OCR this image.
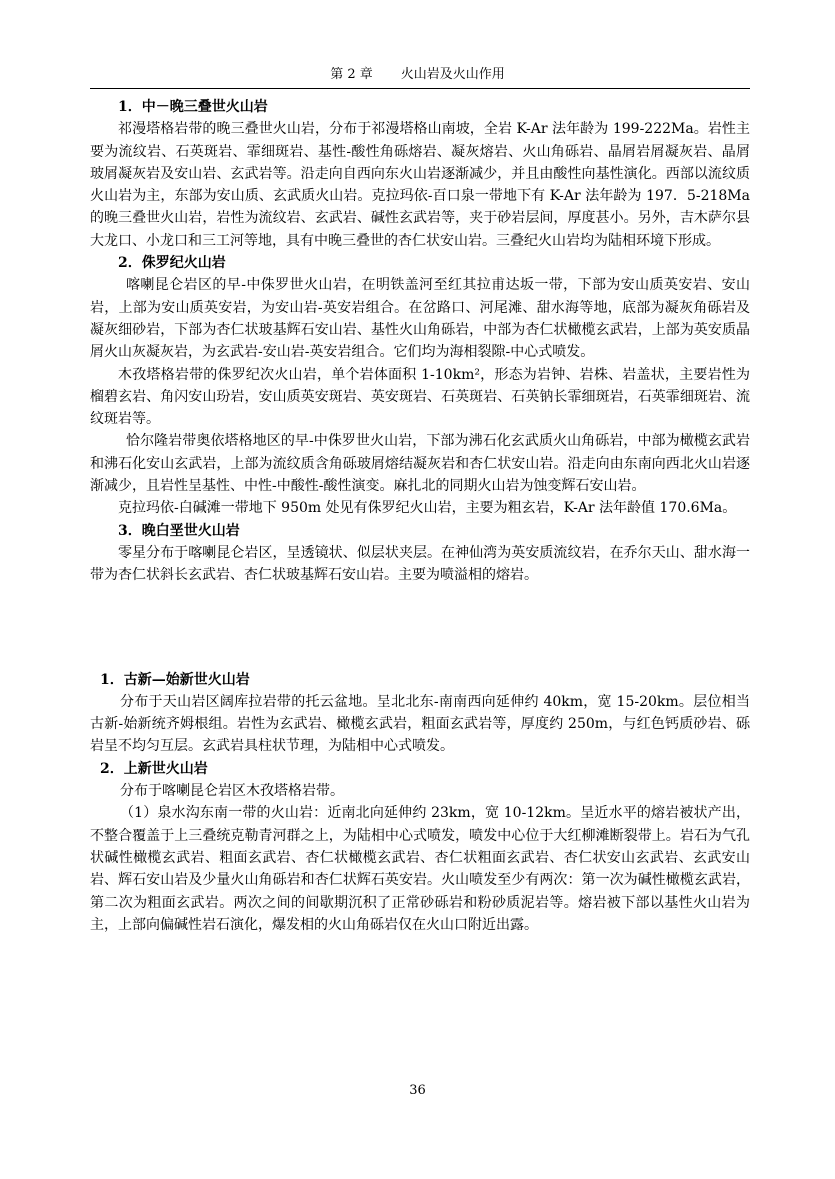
第 2 章 火山岩及火山作用

1．中－晚三叠世火山岩

祁漫塔格岩带的晚三叠世火山岩，分布于祁漫塔格山南坡，全岩 K-Ar 法年龄为 199-222Ma。岩性主要为流纹岩、石英斑岩、霏细斑岩、基性-酸性角砾熔岩、凝灰熔岩、火山角砾岩、晶屑岩屑凝灰岩、晶屑玻屑凝灰岩及安山岩、玄武岩等。沿走向自西向东火山岩逐渐减少，并且由酸性向基性演化。西部以流纹质火山岩为主，东部为安山质、玄武质火山岩。克拉玛依-百口泉一带地下有 K-Ar 法年龄为 197．5-218Ma 的晚三叠世火山岩，岩性为流纹岩、玄武岩、碱性玄武岩等，夹于砂岩层间，厚度甚小。另外，吉木萨尔县大龙口、小龙口和三工河等地，具有中晚三叠世的杏仁状安山岩。三叠纪火山岩均为陆相环境下形成。

2．侏罗纪火山岩

喀喇昆仑岩区的早-中侏罗世火山岩，在明铁盖河至红其拉甫达坂一带，下部为安山质英安岩、安山岩，上部为安山质英安岩，为安山岩-英安岩组合。在岔路口、河尾滩、甜水海等地，底部为凝灰角砾岩及凝灰细砂岩，下部为杏仁状玻基辉石安山岩、基性火山角砾岩，中部为杏仁状橄榄玄武岩，上部为英安质晶屑火山灰凝灰岩，为玄武岩-安山岩-英安岩组合。它们均为海相裂隙-中心式喷发。

木孜塔格岩带的侏罗纪次火山岩，单个岩体面积 1-10km²，形态为岩钟、岩株、岩盖状，主要岩性为榴碧玄岩、角闪安山玢岩，安山质英安斑岩、英安斑岩、石英斑岩、石英钠长霏细斑岩，石英霏细斑岩、流纹斑岩等。

恰尔隆岩带奥依塔格地区的早-中侏罗世火山岩，下部为沸石化玄武质火山角砾岩，中部为橄榄玄武岩和沸石化安山玄武岩，上部为流纹质含角砾玻屑熔结凝灰岩和杏仁状安山岩。沿走向由东南向西北火山岩逐渐减少，且岩性呈基性、中性-中酸性-酸性演变。麻扎北的同期火山岩为蚀变辉石安山岩。

克拉玛依-白碱滩一带地下 950m 处见有侏罗纪火山岩，主要为粗玄岩，K-Ar 法年龄值 170.6Ma。

3．晚白垩世火山岩

零星分布于喀喇昆仑岩区，呈透镜状、似层状夹层。在神仙湾为英安质流纹岩，在乔尔天山、甜水海一带为杏仁状斜长玄武岩、杏仁状玻基辉石安山岩。主要为喷溢相的熔岩。

1．古新—始新世火山岩

分布于天山岩区阔库拉岩带的托云盆地。呈北北东-南南西向延伸约 40km，宽 15-20km。层位相当古新-始新统齐姆根组。岩性为玄武岩、橄榄玄武岩，粗面玄武岩等，厚度约 250m，与红色钙质砂岩、砾岩呈不均匀互层。玄武岩具柱状节理，为陆相中心式喷发。

2．上新世火山岩

分布于喀喇昆仑岩区木孜塔格岩带。

（1）泉水沟东南一带的火山岩：近南北向延伸约 23km，宽 10-12km。呈近水平的熔岩被状产出，不整合覆盖于上三叠统克勒青河群之上，为陆相中心式喷发，喷发中心位于大红柳滩断裂带上。岩石为气孔状碱性橄榄玄武岩、粗面玄武岩、杏仁状橄榄玄武岩、杏仁状粗面玄武岩、杏仁状安山玄武岩、玄武安山岩、辉石安山岩及少量火山角砾岩和杏仁状辉石英安岩。火山喷发至少有两次：第一次为碱性橄榄玄武岩，第二次为粗面玄武岩。两次之间的间歇期沉积了正常砂砾岩和粉砂质泥岩等。熔岩被下部以基性火山岩为主，上部向偏碱性岩石演化，爆发相的火山角砾岩仅在火山口附近出露。

36
